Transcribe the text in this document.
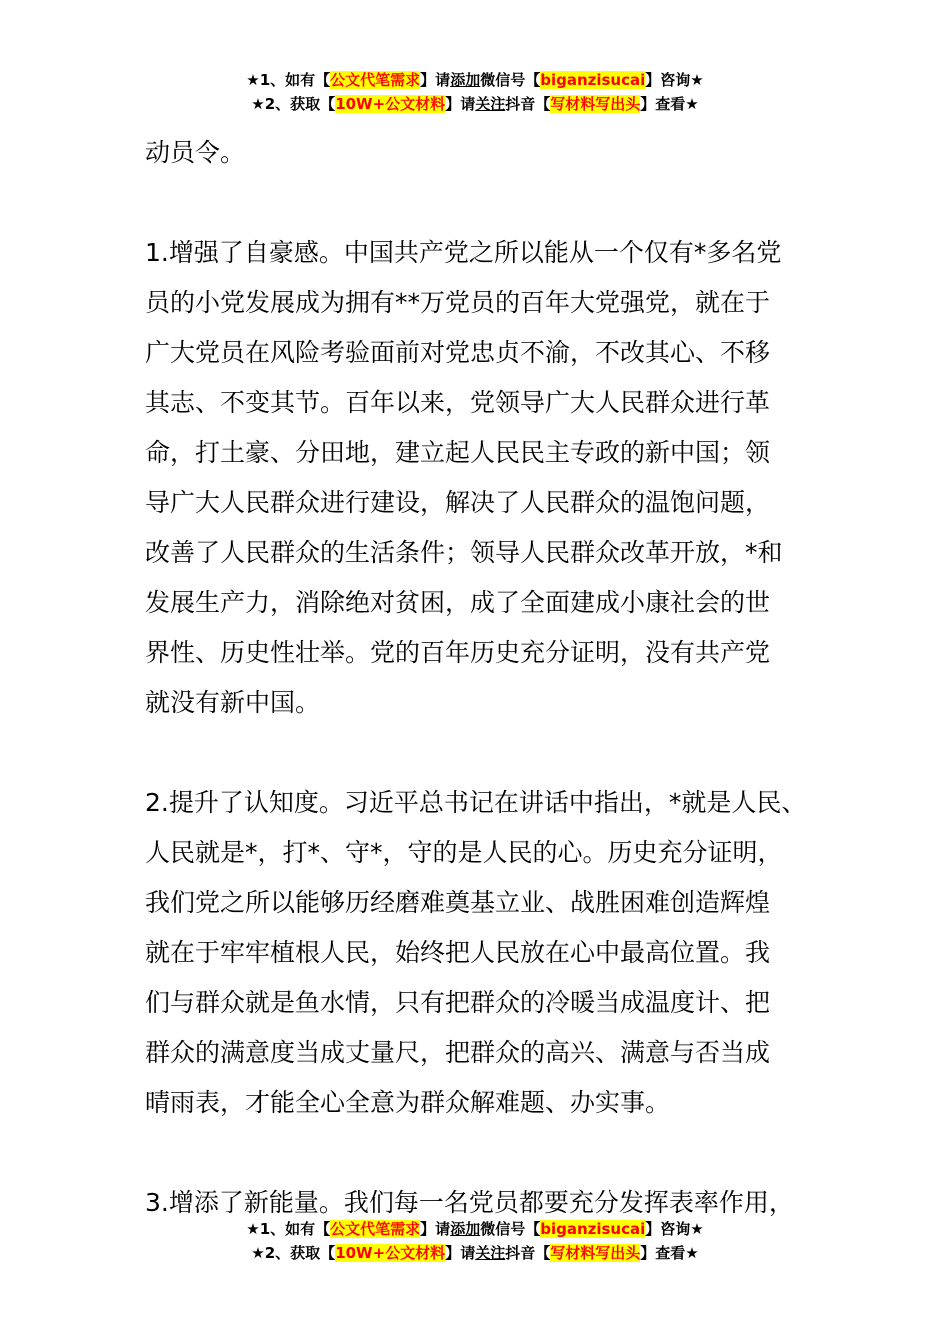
★1、如有【公文代笔需求】请添加微信号【biganzisucai】咨询★
★2、获取【10W+公文材料】请关注抖音【写材料写出头】查看★

动员令。

1.增强了自豪感。中国共产党之所以能从一个仅有*多名党

员的小党发展成为拥有**万党员的百年大党强党，就在于

广大党员在风险考验面前对党忠贞不渝，不改其心、不移

其志、不变其节。百年以来，党领导广大人民群众进行革

命，打土豪、分田地，建立起人民民主专政的新中国；领

导广大人民群众进行建设，解决了人民群众的温饱问题，

改善了人民群众的生活条件；领导人民群众改革开放，*和

发展生产力，消除绝对贫困，成了全面建成小康社会的世

界性、历史性壮举。党的百年历史充分证明，没有共产党

就没有新中国。

2.提升了认知度。习近平总书记在讲话中指出，*就是人民、

人民就是*，打*、守*，守的是人民的心。历史充分证明，

我们党之所以能够历经磨难奠基立业、战胜困难创造辉煌

就在于牢牢植根人民，始终把人民放在心中最高位置。我

们与群众就是鱼水情，只有把群众的冷暖当成温度计、把

群众的满意度当成丈量尺，把群众的高兴、满意与否当成

晴雨表，才能全心全意为群众解难题、办实事。

3.增添了新能量。我们每一名党员都要充分发挥表率作用，

★1、如有【公文代笔需求】请添加微信号【biganzisucai】咨询★
★2、获取【10W+公文材料】请关注抖音【写材料写出头】查看★
